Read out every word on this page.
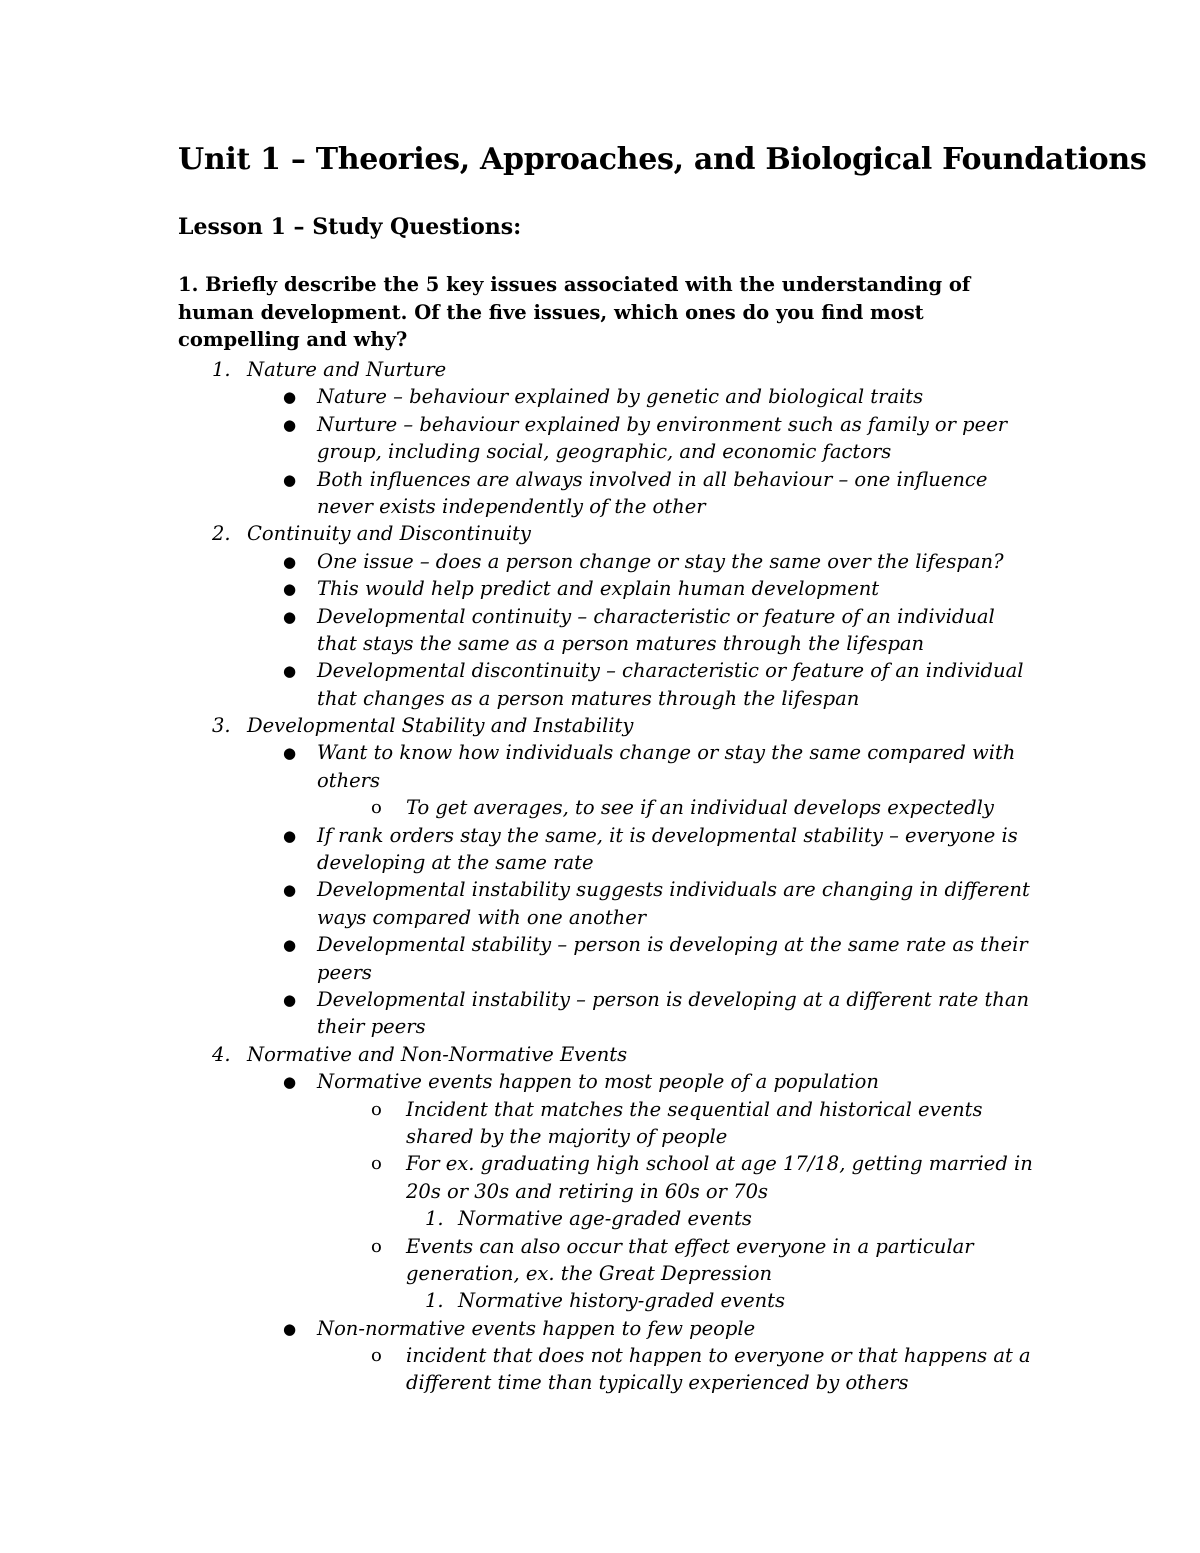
Unit 1 – Theories, Approaches, and Biological Foundations
Lesson 1 – Study Questions:
1. Briefly describe the 5 key issues associated with the understanding of human development. Of the five issues, which ones do you find most compelling and why?
1. Nature and Nurture
● Nature – behaviour explained by genetic and biological traits
● Nurture – behaviour explained by environment such as family or peer
group, including social, geographic, and economic factors
● Both influences are always involved in all behaviour – one influence
never exists independently of the other
2. Continuity and Discontinuity
● One issue – does a person change or stay the same over the lifespan?
● This would help predict and explain human development
● Developmental continuity – characteristic or feature of an individual
that stays the same as a person matures through the lifespan
● Developmental discontinuity – characteristic or feature of an individual
that changes as a person matures through the lifespan
3. Developmental Stability and Instability
● Want to know how individuals change or stay the same compared with
others
o To get averages, to see if an individual develops expectedly
● If rank orders stay the same, it is developmental stability – everyone is
developing at the same rate
● Developmental instability suggests individuals are changing in different
ways compared with one another
● Developmental stability – person is developing at the same rate as their
peers
● Developmental instability – person is developing at a different rate than
their peers
4. Normative and Non-Normative Events
● Normative events happen to most people of a population
o Incident that matches the sequential and historical events
shared by the majority of people
o For ex. graduating high school at age 17/18, getting married in
20s or 30s and retiring in 60s or 70s
1. Normative age-graded events
o Events can also occur that effect everyone in a particular
generation, ex. the Great Depression
1. Normative history-graded events
● Non-normative events happen to few people
o incident that does not happen to everyone or that happens at a
different time than typically experienced by others
